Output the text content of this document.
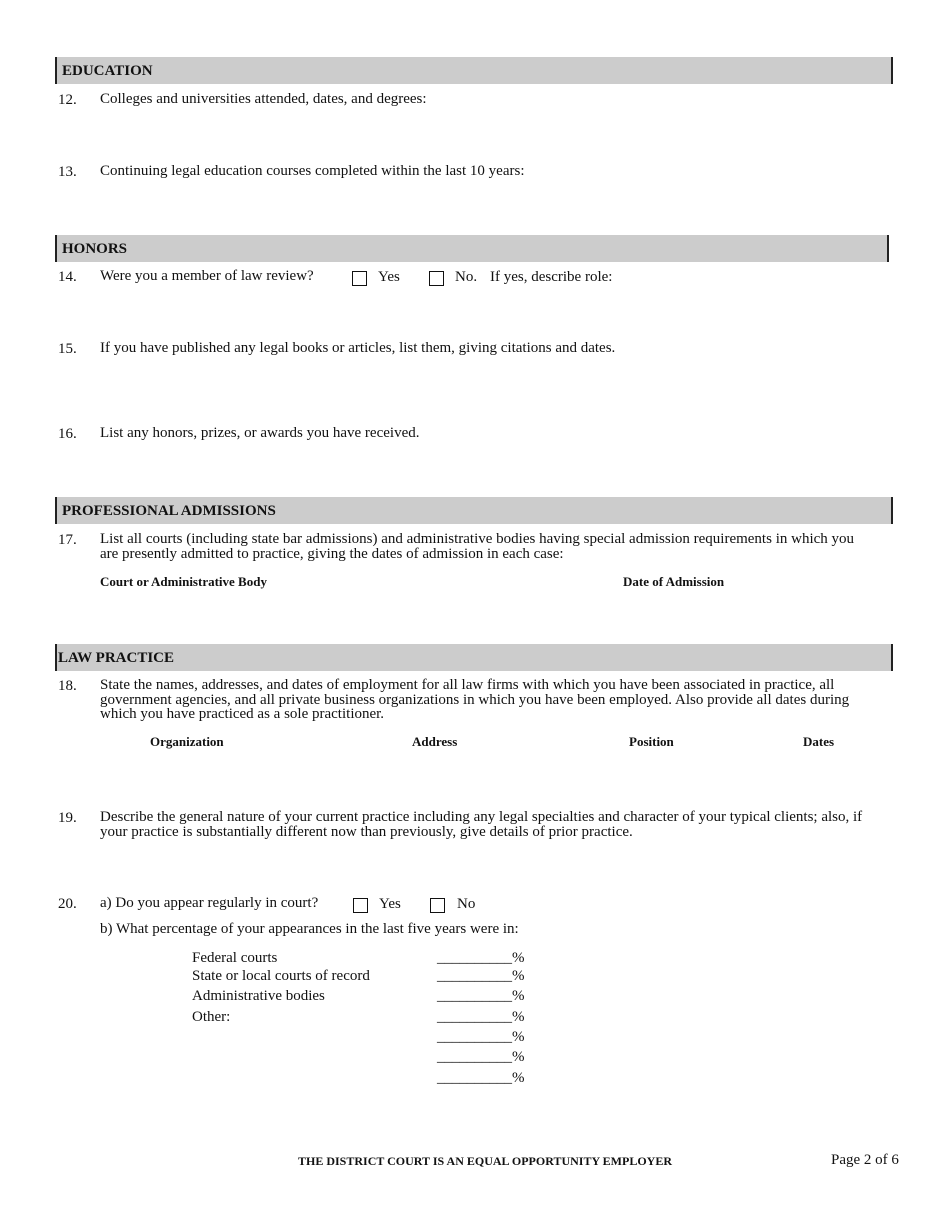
EDUCATION
12. Colleges and universities attended, dates, and degrees:
13. Continuing legal education courses completed within the last 10 years:
HONORS
14. Were you a member of law review?	Yes	No. If yes, describe role:
15. If you have published any legal books or articles, list them, giving citations and dates.
16. List any honors, prizes, or awards you have received.
PROFESSIONAL ADMISSIONS
17. List all courts (including state bar admissions) and administrative bodies having special admission requirements in which you
are presently admitted to practice, giving the dates of admission in each case:
Court or Administrative Body	Date of Admission
LAW PRACTICE
18. State the names, addresses, and dates of employment for all law firms with which you have been associated in practice, all
government agencies, and all private business organizations in which you have been employed. Also provide all dates during
which you have practiced as a sole practitioner.
Organization	Address	Position	Dates
19. Describe the general nature of your current practice including any legal specialties and character of your typical clients; also, if
your practice is substantially different now than previously, give details of prior practice.
20. a) Do you appear regularly in court?	Yes	No
b) What percentage of your appearances in the last five years were in:
Federal courts	__________%
State or local courts of record	__________%
Administrative bodies	__________%
Other:	__________%
__________%
__________%
__________%
THE DISTRICT COURT IS AN EQUAL OPPORTUNITY EMPLOYER	Page 2 of 6
